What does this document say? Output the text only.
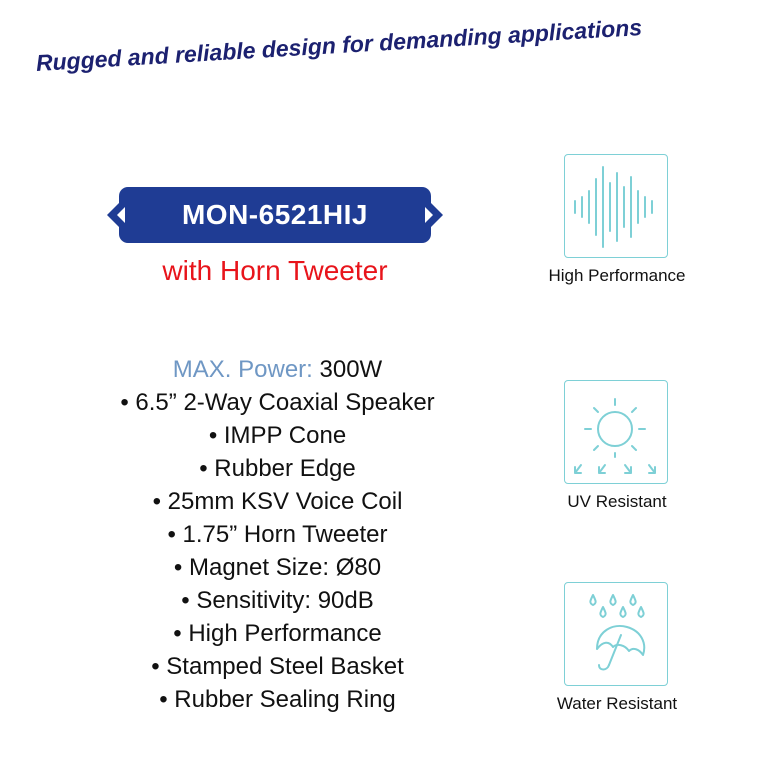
Rugged and reliable design for demanding applications
MON-6521HIJ
with Horn Tweeter
MAX. Power: 300W
• 6.5” 2-Way Coaxial Speaker
• IMPP Cone
• Rubber Edge
• 25mm KSV Voice Coil
• 1.75” Horn Tweeter
• Magnet Size: Ø80
• Sensitivity: 90dB
• High Performance
• Stamped Steel Basket
• Rubber Sealing Ring
High Performance
UV Resistant
Water Resistant
